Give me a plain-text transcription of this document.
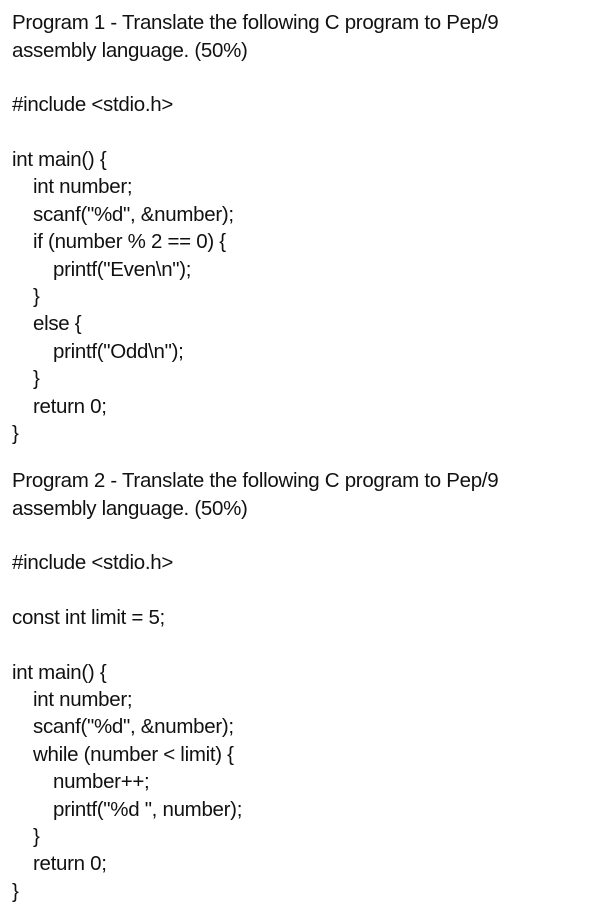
Program 1 - Translate the following C program to Pep/9
assembly language. (50%)
#include <stdio.h>
int main() {
int number;
scanf("%d", &number);
if (number % 2 == 0) {
printf("Even\n");
}
else {
printf("Odd\n");
}
return 0;
}
Program 2 - Translate the following C program to Pep/9
assembly language. (50%)
#include <stdio.h>
const int limit = 5;
int main() {
int number;
scanf("%d", &number);
while (number < limit) {
number++;
printf("%d ", number);
}
return 0;
}
